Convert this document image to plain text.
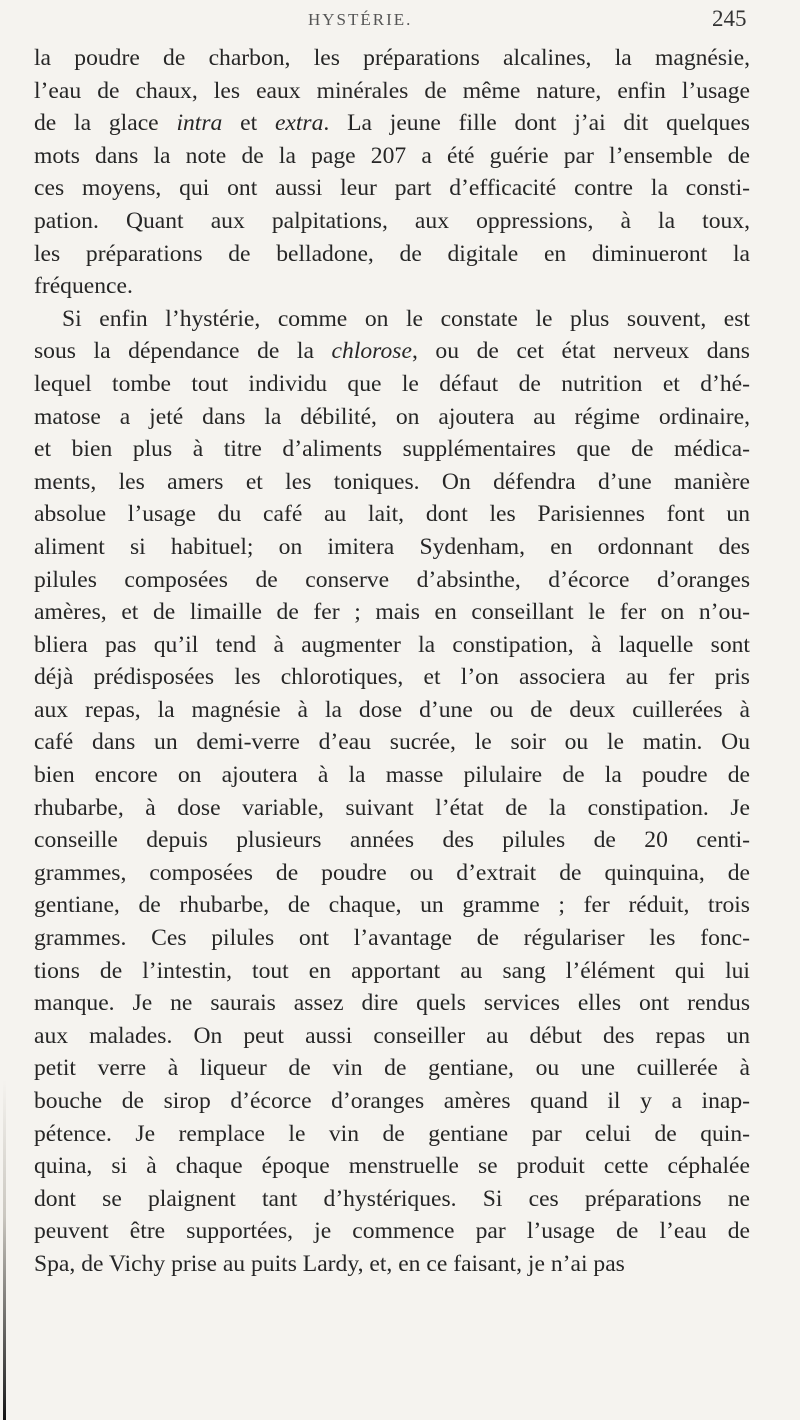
HYSTÉRIE.	245
la poudre de charbon, les préparations alcalines, la magnésie,
l’eau de chaux, les eaux minérales de même nature, enfin l’usage
de la glace intra et extra. La jeune fille dont j’ai dit quelques
mots dans la note de la page 207 a été guérie par l’ensemble de
ces moyens, qui ont aussi leur part d’efficacité contre la consti-
pation. Quant aux palpitations, aux oppressions, à la toux,
les préparations de belladone, de digitale en diminueront la
fréquence.
Si enfin l’hystérie, comme on le constate le plus souvent, est
sous la dépendance de la chlorose, ou de cet état nerveux dans
lequel tombe tout individu que le défaut de nutrition et d’hé-
matose a jeté dans la débilité, on ajoutera au régime ordinaire,
et bien plus à titre d’aliments supplémentaires que de médica-
ments, les amers et les toniques. On défendra d’une manière
absolue l’usage du café au lait, dont les Parisiennes font un
aliment si habituel; on imitera Sydenham, en ordonnant des
pilules composées de conserve d’absinthe, d’écorce d’oranges
amères, et de limaille de fer ; mais en conseillant le fer on n’ou-
bliera pas qu’il tend à augmenter la constipation, à laquelle sont
déjà prédisposées les chlorotiques, et l’on associera au fer pris
aux repas, la magnésie à la dose d’une ou de deux cuillerées à
café dans un demi-verre d’eau sucrée, le soir ou le matin. Ou
bien encore on ajoutera à la masse pilulaire de la poudre de
rhubarbe, à dose variable, suivant l’état de la constipation. Je
conseille depuis plusieurs années des pilules de 20 centi-
grammes, composées de poudre ou d’extrait de quinquina, de
gentiane, de rhubarbe, de chaque, un gramme ; fer réduit, trois
grammes. Ces pilules ont l’avantage de régulariser les fonc-
tions de l’intestin, tout en apportant au sang l’élément qui lui
manque. Je ne saurais assez dire quels services elles ont rendus
aux malades. On peut aussi conseiller au début des repas un
petit verre à liqueur de vin de gentiane, ou une cuillerée à
bouche de sirop d’écorce d’oranges amères quand il y a inap-
pétence. Je remplace le vin de gentiane par celui de quin-
quina, si à chaque époque menstruelle se produit cette céphalée
dont se plaignent tant d’hystériques. Si ces préparations ne
peuvent être supportées, je commence par l’usage de l’eau de
Spa, de Vichy prise au puits Lardy, et, en ce faisant, je n’ai pas
